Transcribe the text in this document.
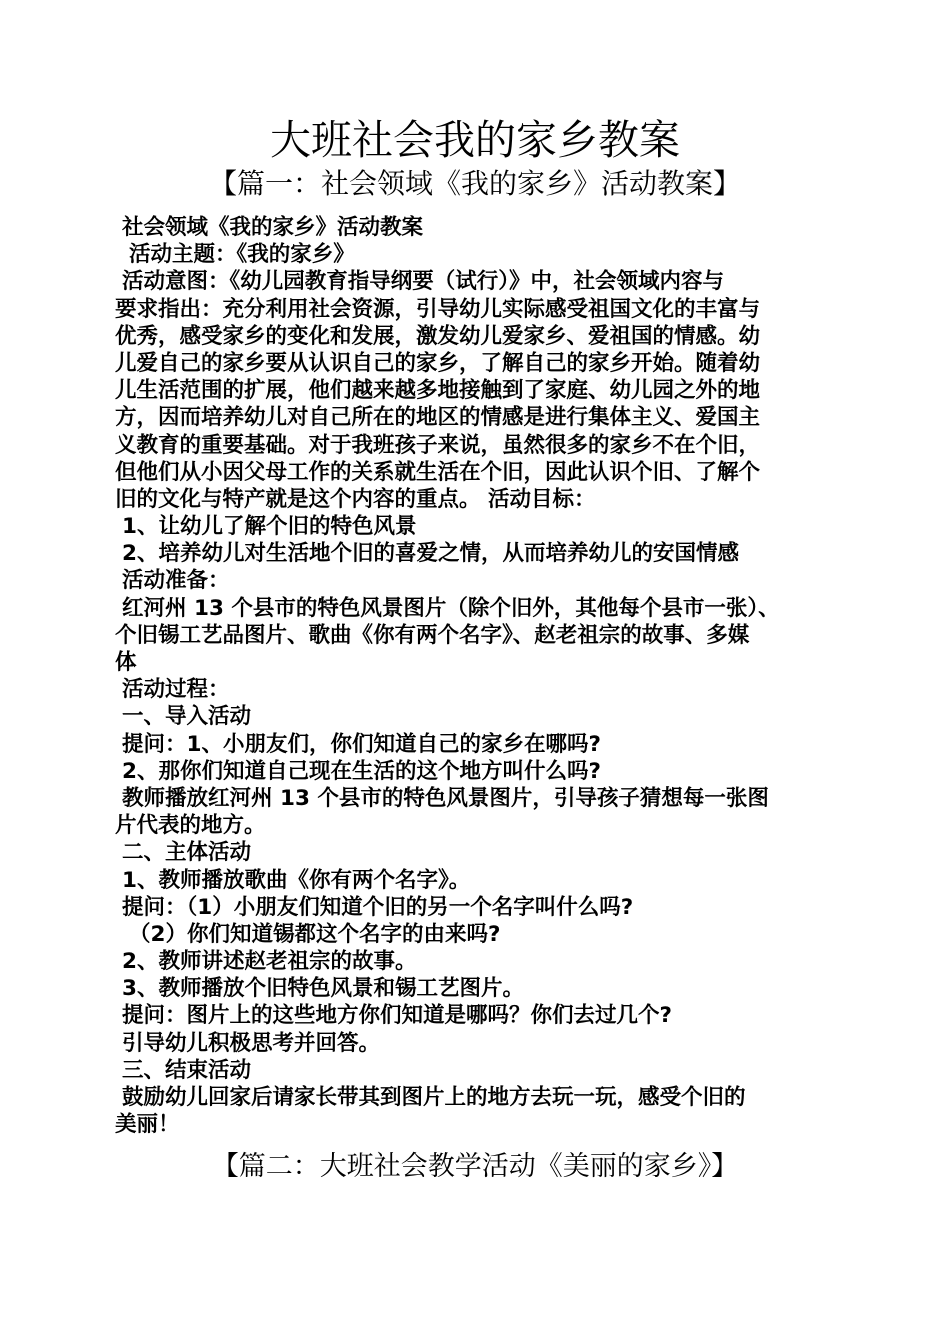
大班社会我的家乡教案
【篇一：社会领域《我的家乡》活动教案】
社会领域《我的家乡》活动教案
活动主题：《我的家乡》
活动意图：《幼儿园教育指导纲要（试行）》中，社会领域内容与
要求指出：充分利用社会资源，引导幼儿实际感受祖国文化的丰富与
优秀，感受家乡的变化和发展，激发幼儿爱家乡、爱祖国的情感。幼
儿爱自己的家乡要从认识自己的家乡，了解自己的家乡开始。随着幼
儿生活范围的扩展，他们越来越多地接触到了家庭、幼儿园之外的地
方，因而培养幼儿对自己所在的地区的情感是进行集体主义、爱国主
义教育的重要基础。对于我班孩子来说，虽然很多的家乡不在个旧，
但他们从小因父母工作的关系就生活在个旧，因此认识个旧、了解个
旧的文化与特产就是这个内容的重点。 活动目标：
1、让幼儿了解个旧的特色风景
2、培养幼儿对生活地个旧的喜爱之情，从而培养幼儿的安国情感
活动准备：
红河州 13 个县市的特色风景图片（除个旧外，其他每个县市一张）、
个旧锡工艺品图片、歌曲《你有两个名字》、赵老祖宗的故事、多媒
体
活动过程：
一、导入活动
提问：1、小朋友们，你们知道自己的家乡在哪吗?
2、那你们知道自己现在生活的这个地方叫什么吗?
教师播放红河州 13 个县市的特色风景图片，引导孩子猜想每一张图
片代表的地方。
二、主体活动
1、教师播放歌曲《你有两个名字》。
提问：（1）小朋友们知道个旧的另一个名字叫什么吗?
（2）你们知道锡都这个名字的由来吗?
2、教师讲述赵老祖宗的故事。
3、教师播放个旧特色风景和锡工艺图片。
提问：图片上的这些地方你们知道是哪吗？你们去过几个?
引导幼儿积极思考并回答。
三、结束活动
鼓励幼儿回家后请家长带其到图片上的地方去玩一玩，感受个旧的
美丽！
【篇二：大班社会教学活动《美丽的家乡》】
